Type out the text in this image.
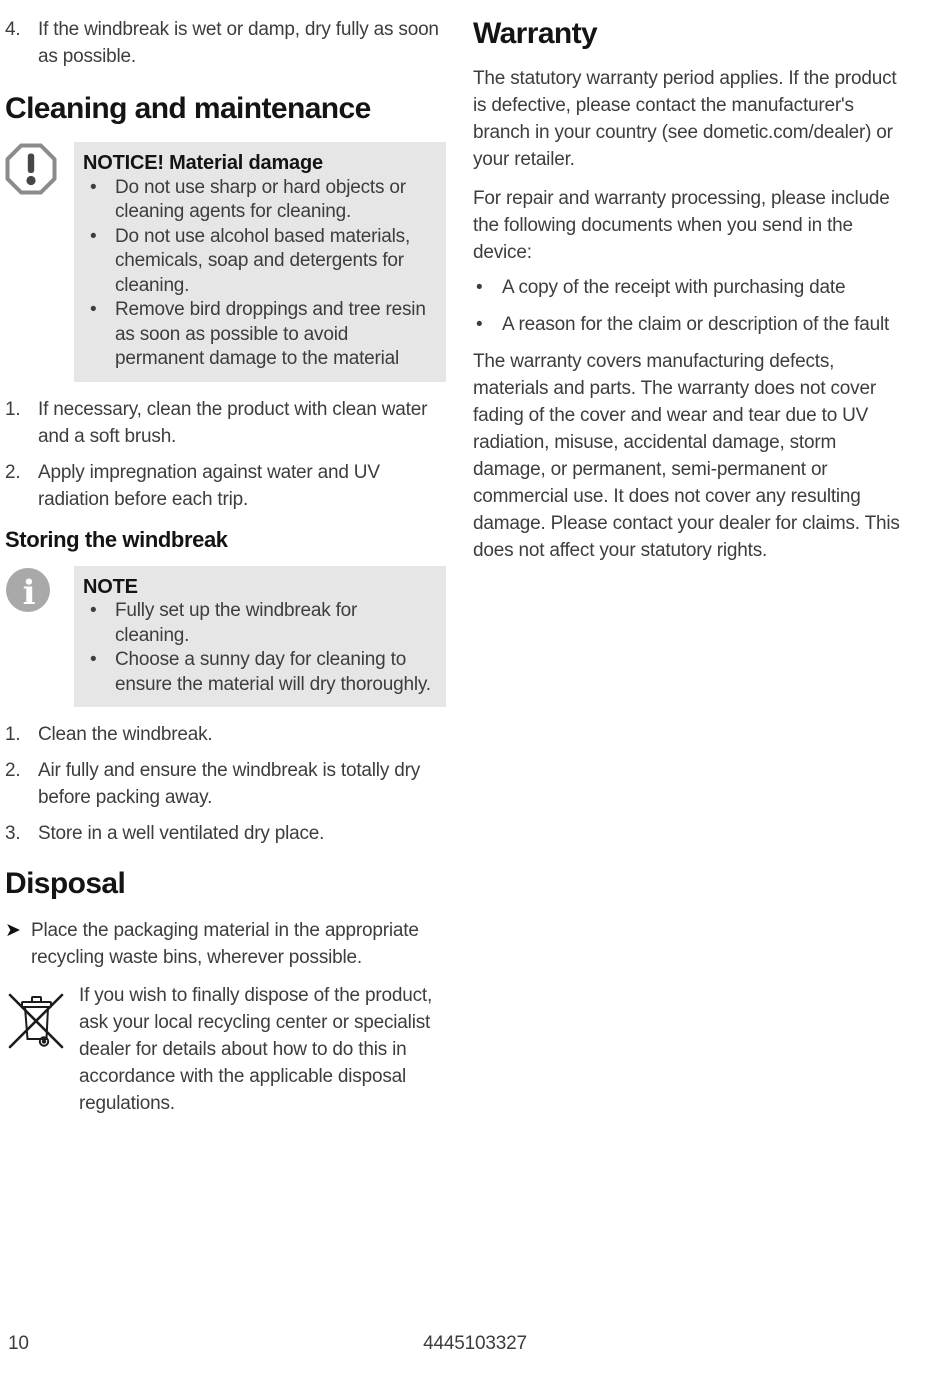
4. If the windbreak is wet or damp, dry fully as soon as possible.
Cleaning and maintenance
NOTICE! Material damage
• Do not use sharp or hard objects or cleaning agents for cleaning.
• Do not use alcohol based materials, chemicals, soap and detergents for cleaning.
• Remove bird droppings and tree resin as soon as possible to avoid permanent damage to the material
1. If necessary, clean the product with clean water and a soft brush.
2. Apply impregnation against water and UV radiation before each trip.
Storing the windbreak
i NOTE
• Fully set up the windbreak for cleaning.
• Choose a sunny day for cleaning to ensure the material will dry thoroughly.
1. Clean the windbreak.
2. Air fully and ensure the windbreak is totally dry before packing away.
3. Store in a well ventilated dry place.
Disposal
➤ Place the packaging material in the appropriate recycling waste bins, wherever possible.
If you wish to finally dispose of the product, ask your local recycling center or specialist dealer for details about how to do this in accordance with the applicable disposal regulations.
Warranty

The statutory warranty period applies. If the product is defective, please contact the manufacturer's branch in your country (see dometic.com/dealer) or your retailer.

For repair and warranty processing, please include the following documents when you send in the device:

•	A copy of the receipt with purchasing date
•	A reason for the claim or description of the fault

The warranty covers manufacturing defects, materials and parts. The warranty does not cover fading of the cover and wear and tear due to UV radiation, misuse, accidental damage, storm damage, or permanent, semi-permanent or commercial use. It does not cover any resulting damage. Please contact your dealer for claims. This does not affect your statutory rights.

10	4445103327
